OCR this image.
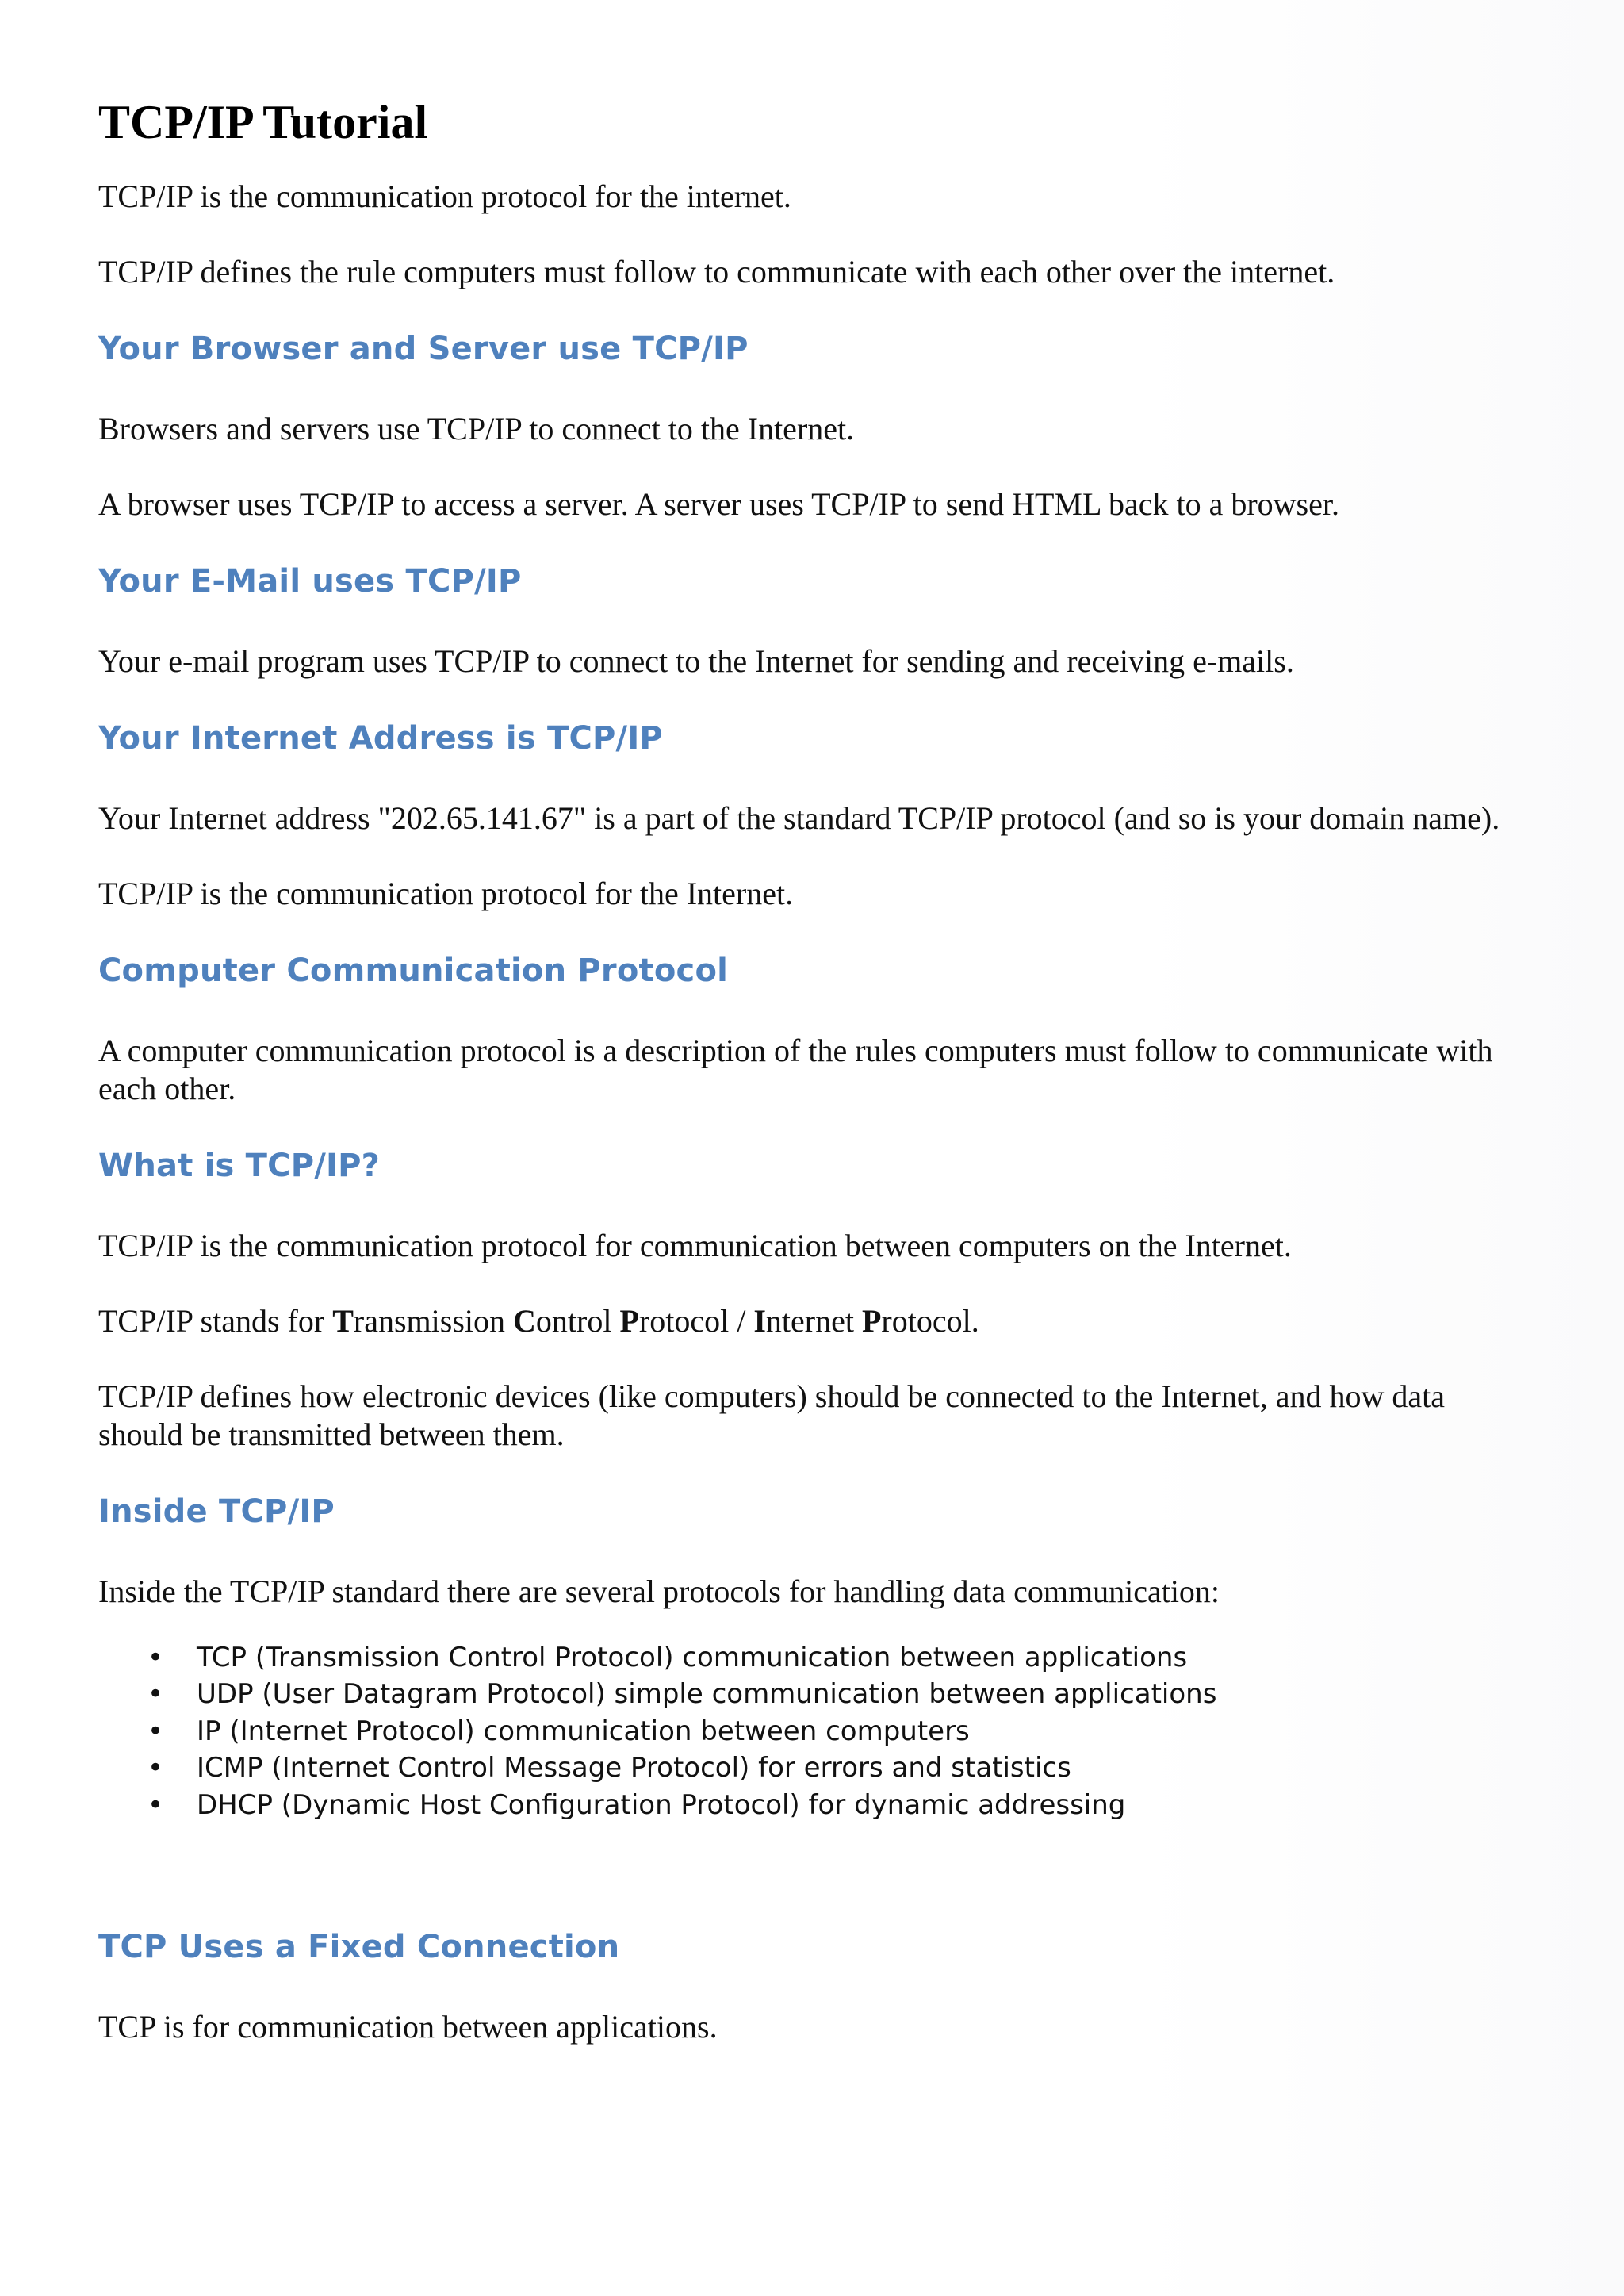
TCP/IP Tutorial

TCP/IP is the communication protocol for the internet.

TCP/IP defines the rule computers must follow to communicate with each other over the internet.

Your Browser and Server use TCP/IP

Browsers and servers use TCP/IP to connect to the Internet.

A browser uses TCP/IP to access a server. A server uses TCP/IP to send HTML back to a browser.

Your E-Mail uses TCP/IP

Your e-mail program uses TCP/IP to connect to the Internet for sending and receiving e-mails.

Your Internet Address is TCP/IP

Your Internet address "202.65.141.67" is a part of the standard TCP/IP protocol (and so is your domain name).

TCP/IP is the communication protocol for the Internet.

Computer Communication Protocol

A computer communication protocol is a description of the rules computers must follow to communicate with each other.

What is TCP/IP?

TCP/IP is the communication protocol for communication between computers on the Internet.

TCP/IP stands for Transmission Control Protocol / Internet Protocol.

TCP/IP defines how electronic devices (like computers) should be connected to the Internet, and how data should be transmitted between them.

Inside TCP/IP

Inside the TCP/IP standard there are several protocols for handling data communication:

• TCP (Transmission Control Protocol) communication between applications
• UDP (User Datagram Protocol) simple communication between applications
• IP (Internet Protocol) communication between computers
• ICMP (Internet Control Message Protocol) for errors and statistics
• DHCP (Dynamic Host Configuration Protocol) for dynamic addressing
TCP Uses a Fixed Connection

TCP is for communication between applications.
